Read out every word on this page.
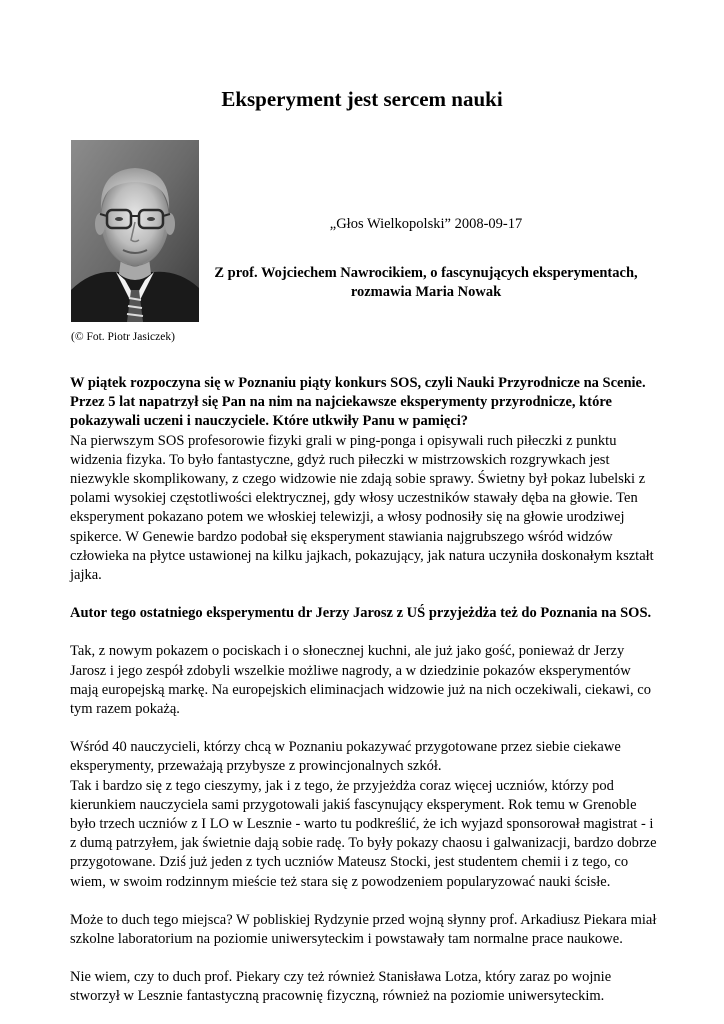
Eksperyment jest sercem nauki
(© Fot. Piotr Jasiczek)
„Głos Wielkopolski” 2008-09-17
Z prof. Wojciechem Nawrocikiem, o fascynujących eksperymentach, rozmawia Maria Nowak

W piątek rozpoczyna się w Poznaniu piąty konkurs SOS, czyli Nauki Przyrodnicze na Scenie. Przez 5 lat napatrzył się Pan na nim na najciekawsze eksperymenty przyrodnicze, które pokazywali uczeni i nauczyciele. Które utkwiły Panu w pamięci?

Na pierwszym SOS profesorowie fizyki grali w ping-ponga i opisywali ruch piłeczki z punktu widzenia fizyka. To było fantastyczne, gdyż ruch piłeczki w mistrzowskich rozgrywkach jest niezwykle skomplikowany, z czego widzowie nie zdają sobie sprawy. Świetny był pokaz lubelski z polami wysokiej częstotliwości elektrycznej, gdy włosy uczestników stawały dęba na głowie. Ten eksperyment pokazano potem we włoskiej telewizji, a włosy podnosiły się na głowie urodziwej spikerce. W Genewie bardzo podobał się eksperyment stawiania najgrubszego wśród widzów człowieka na płytce ustawionej na kilku jajkach, pokazujący, jak natura uczyniła doskonałym kształt jajka.

Autor tego ostatniego eksperymentu dr Jerzy Jarosz z UŚ przyjeżdża też do Poznania na SOS.

Tak, z nowym pokazem o pociskach i o słonecznej kuchni, ale już jako gość, ponieważ dr Jerzy Jarosz i jego zespół zdobyli wszelkie możliwe nagrody, a w dziedzinie pokazów eksperymentów mają europejską markę. Na europejskich eliminacjach widzowie już na nich oczekiwali, ciekawi, co tym razem pokażą.

Wśród 40 nauczycieli, którzy chcą w Poznaniu pokazywać przygotowane przez siebie ciekawe eksperymenty, przeważają przybysze z prowincjonalnych szkół.

Tak i bardzo się z tego cieszymy, jak i z tego, że przyjeżdża coraz więcej uczniów, którzy pod kierunkiem nauczyciela sami przygotowali jakiś fascynujący eksperyment. Rok temu w Grenoble było trzech uczniów z I LO w Lesznie - warto tu podkreślić, że ich wyjazd sponsorował magistrat - i z dumą patrzyłem, jak świetnie dają sobie radę. To były pokazy chaosu i galwanizacji, bardzo dobrze przygotowane. Dziś już jeden z tych uczniów Mateusz Stocki, jest studentem chemii i z tego, co wiem, w swoim rodzinnym mieście też stara się z powodzeniem popularyzować nauki ścisłe.

Może to duch tego miejsca? W pobliskiej Rydzynie przed wojną słynny prof. Arkadiusz Piekara miał szkolne laboratorium na poziomie uniwersyteckim i powstawały tam normalne prace naukowe.

Nie wiem, czy to duch prof. Piekary czy też również Stanisława Lotza, który zaraz po wojnie stworzył w Lesznie fantastyczną pracownię fizyczną, również na poziomie uniwersyteckim.
